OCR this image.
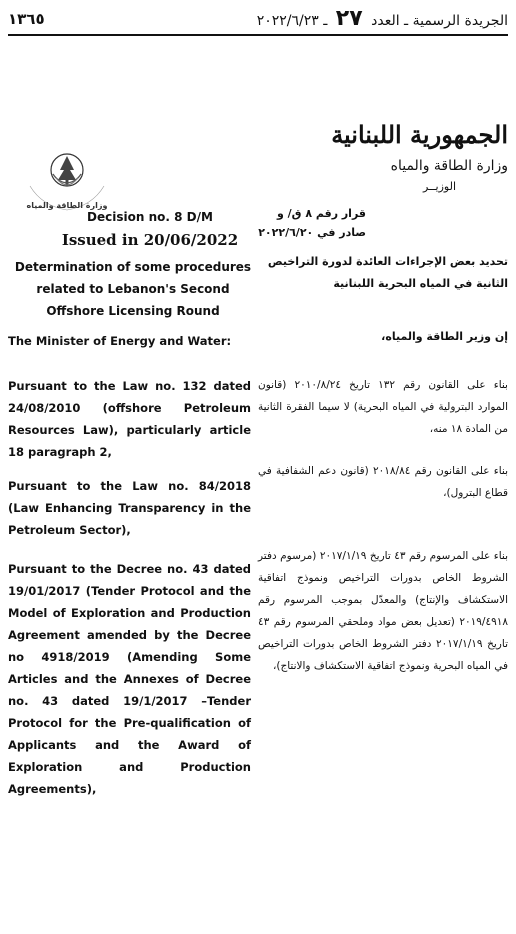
١٣٦٥	الجريدة الرسمية ـ العدد ٢٧ ـ ٢٠٢٢/٦/٢٣
وزارة الطاقة والمياه
الجمهورية اللبنانية
وزارة الطاقة والمياه
الوزيــر
قرار رقم ٨ ق/ و
صادر في ٢٠٢٢/٦/٢٠
تحديد بعض الإجراءات العائدة لدورة التراخيص الثانية في المياه البحرية اللبنانية
Decision no. 8 D/M
Issued in 20/06/2022
Determination of some procedures related to Lebanon's Second Offshore Licensing Round
The Minister of Energy and Water:	إن وزير الطاقة والمياه،
Pursuant to the Law no. 132 dated 24/08/2010 (offshore Petroleum Resources Law), particularly article 18 paragraph 2,
بناء على القانون رقم ١٣٢ تاريخ ٢٠١٠/٨/٢٤ (قانون الموارد البترولية في المياه البحرية) لا سيما الفقرة الثانية من المادة ١٨ منه،
Pursuant to the Law no. 84/2018 (Law Enhancing Transparency in the Petroleum Sector),
بناء على القانون رقم ٢٠١٨/٨٤ (قانون دعم الشفافية في قطاع البترول)،
Pursuant to the Decree no. 43 dated 19/01/2017 (Tender Protocol and the Model of Exploration and Production Agreement amended by the Decree no 4918/2019 (Amending Some Articles and the Annexes of Decree no. 43 dated 19/1/2017 –Tender Protocol for the Pre-qualification of Applicants and the Award of Exploration and Production Agreements),
بناء على المرسوم رقم ٤٣ تاريخ ٢٠١٧/١/١٩ (مرسوم دفتر الشروط الخاص بدورات التراخيص ونموذج اتفاقية الاستكشاف والإنتاج) والمعدّل بموجب المرسوم رقم ٢٠١٩/٤٩١٨ (تعديل بعض مواد وملحقي المرسوم رقم ٤٣ تاريخ ٢٠١٧/١/١٩ دفتر الشروط الخاص بدورات التراخيص في المياه البحرية ونموذج اتفاقية الاستكشاف والانتاج)،
